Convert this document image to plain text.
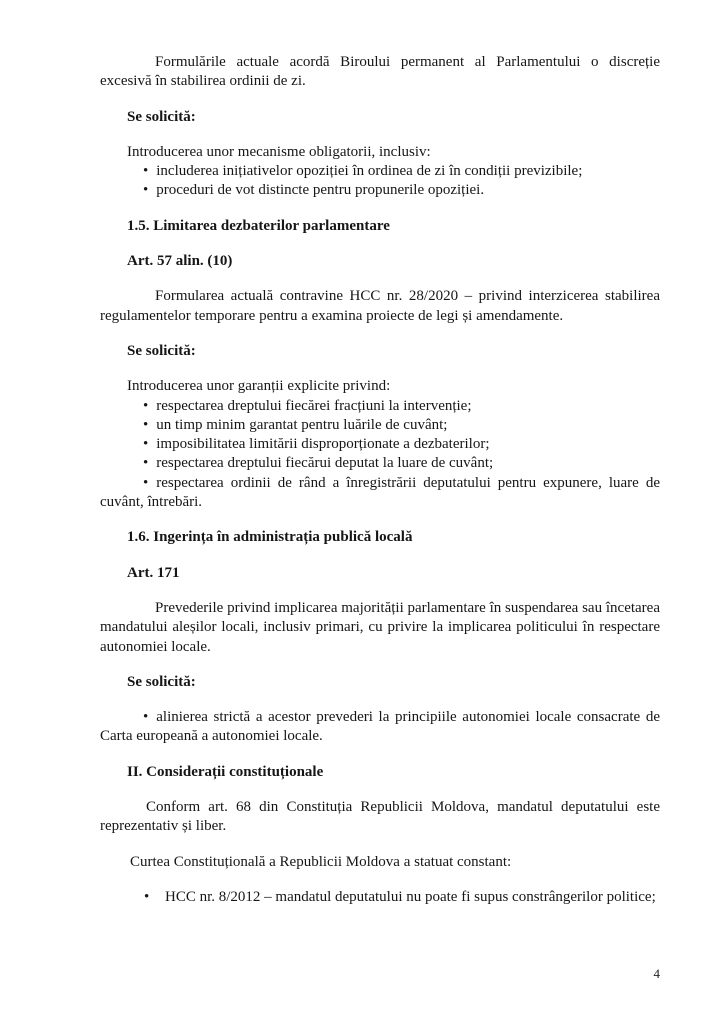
Formulările actuale acordă Biroului permanent al Parlamentului o discreție excesivă în stabilirea ordinii de zi.

Se solicită:

Introducerea unor mecanisme obligatorii, inclusiv:

• includerea inițiativelor opoziției în ordinea de zi în condiții previzibile;

• proceduri de vot distincte pentru propunerile opoziției.

1.5. Limitarea dezbaterilor parlamentare

Art. 57 alin. (10)

Formularea actuală contravine HCC nr. 28/2020 – privind interzicerea stabilirea regulamentelor temporare pentru a examina proiecte de legi și amendamente.

Se solicită:

Introducerea unor garanții explicite privind:

• respectarea dreptului fiecărei fracțiuni la intervenție;

• un timp minim garantat pentru luările de cuvânt;

• imposibilitatea limitării disproporționate a dezbaterilor;

• respectarea dreptului fiecărui deputat la luare de cuvânt;

• respectarea ordinii de rând a înregistrării deputatului pentru expunere, luare de cuvânt, întrebări.

1.6. Ingerința în administrația publică locală

Art. 171

Prevederile privind implicarea majorității parlamentare în suspendarea sau încetarea mandatului aleșilor locali, inclusiv primari, cu privire la implicarea politicului în respectare autonomiei locale.

Se solicită:

• alinierea strictă a acestor prevederi la principiile autonomiei locale consacrate de Carta europeană a autonomiei locale.

II. Considerații constituționale

Conform art. 68 din Constituția Republicii Moldova, mandatul deputatului este reprezentativ și liber.

Curtea Constituțională a Republicii Moldova a statuat constant:

•	HCC nr. 8/2012 – mandatul deputatului nu poate fi supus constrângerilor politice;
4
